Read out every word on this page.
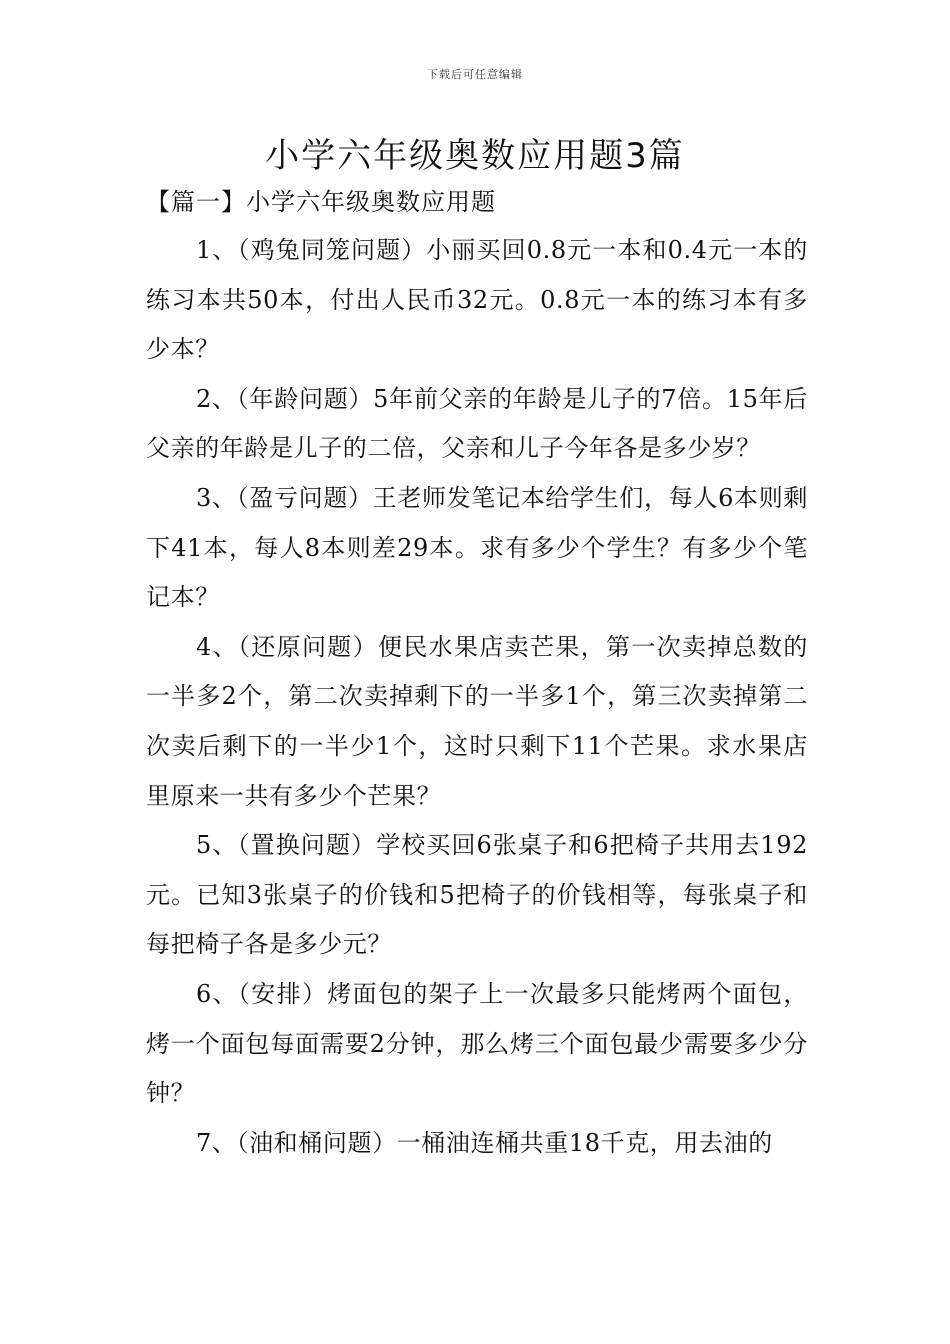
下载后可任意编辑
小学六年级奥数应用题3篇
【篇一】小学六年级奥数应用题

1、（鸡兔同笼问题）小丽买回0.8元一本和0.4元一本的练习本共50本，付出人民币32元。0.8元一本的练习本有多少本？

2、（年龄问题）5年前父亲的年龄是儿子的7倍。15年后父亲的年龄是儿子的二倍，父亲和儿子今年各是多少岁？

3、（盈亏问题）王老师发笔记本给学生们，每人6本则剩下41本，每人8本则差29本。求有多少个学生？有多少个笔记本？

4、（还原问题）便民水果店卖芒果，第一次卖掉总数的一半多2个，第二次卖掉剩下的一半多1个，第三次卖掉第二次卖后剩下的一半少1个，这时只剩下11个芒果。求水果店里原来一共有多少个芒果？

5、（置换问题）学校买回6张桌子和6把椅子共用去192元。已知3张桌子的价钱和5把椅子的价钱相等，每张桌子和每把椅子各是多少元？

6、（安排）烤面包的架子上一次最多只能烤两个面包，烤一个面包每面需要2分钟，那么烤三个面包最少需要多少分钟？

7、（油和桶问题）一桶油连桶共重18千克，用去油的
